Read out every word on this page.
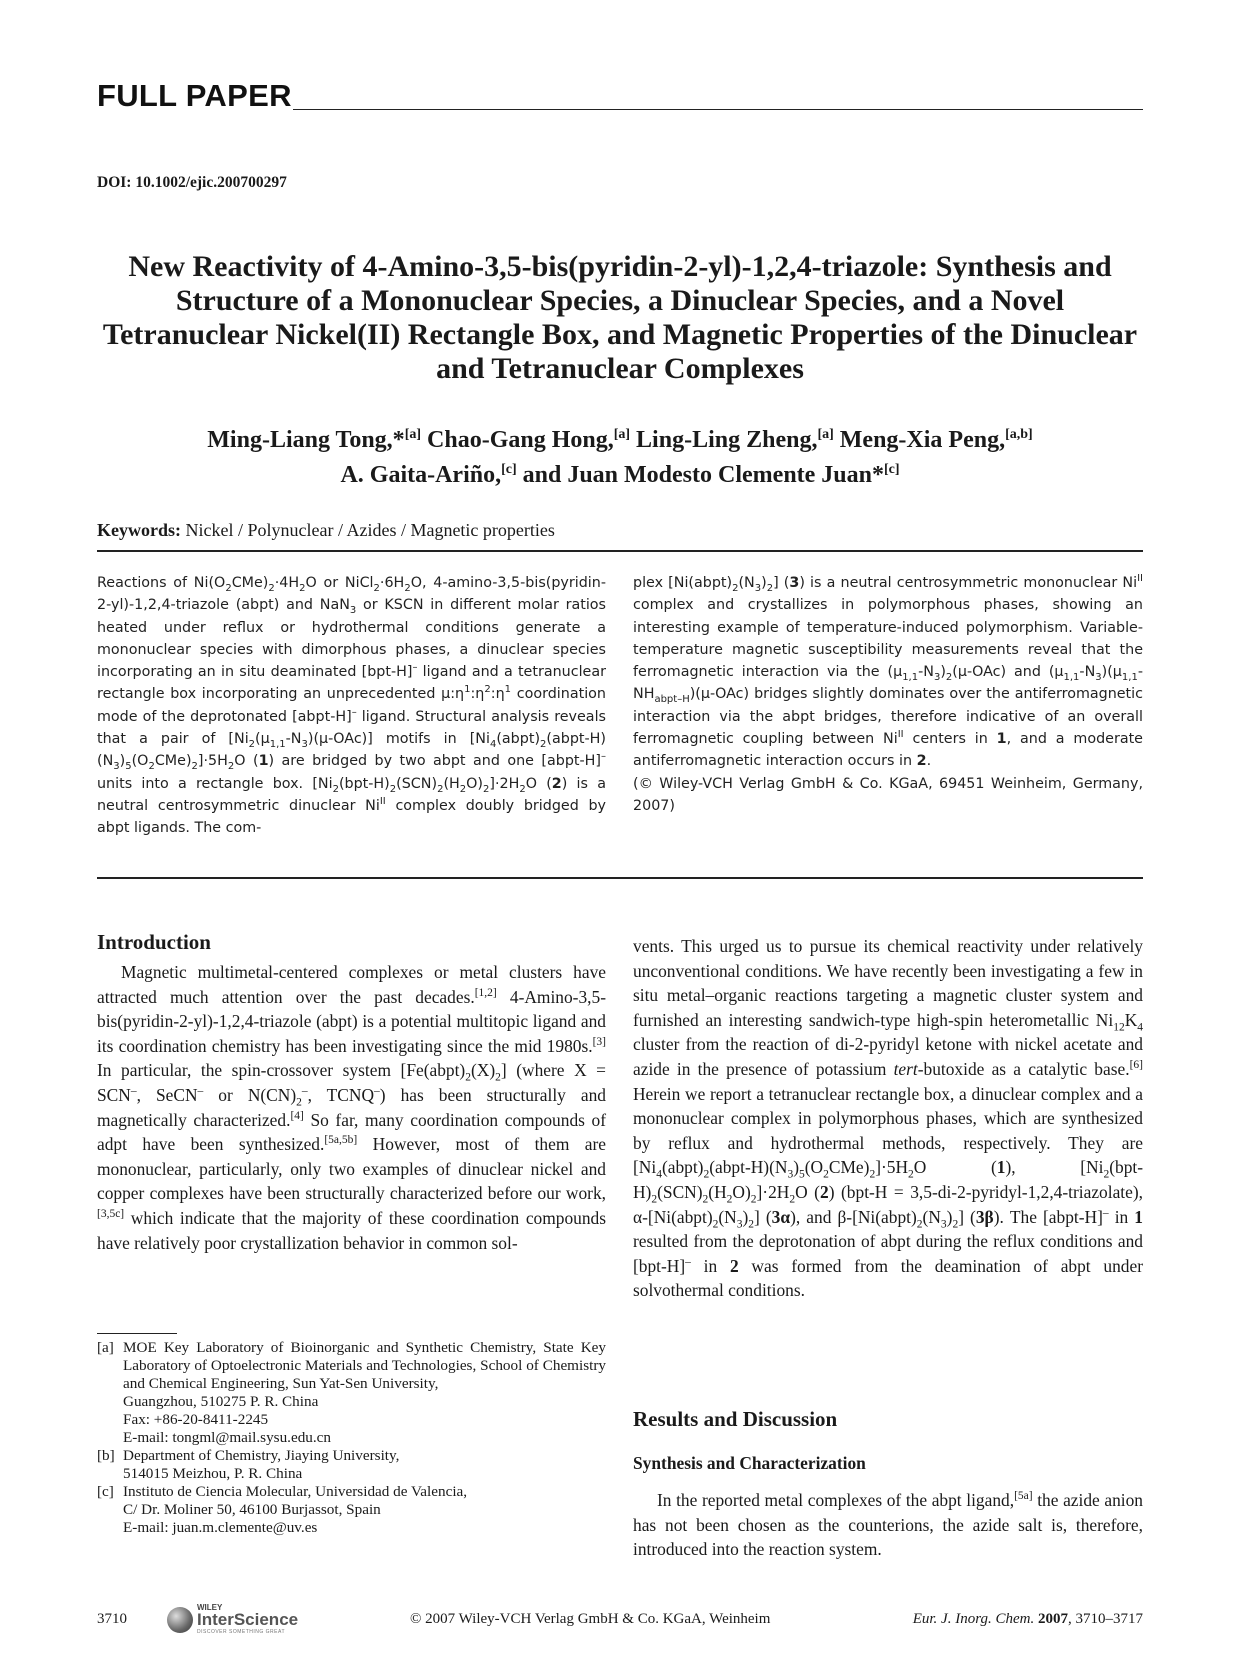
FULL PAPER
DOI: 10.1002/ejic.200700297
New Reactivity of 4-Amino-3,5-bis(pyridin-2-yl)-1,2,4-triazole: Synthesis and Structure of a Mononuclear Species, a Dinuclear Species, and a Novel Tetranuclear Nickel(II) Rectangle Box, and Magnetic Properties of the Dinuclear and Tetranuclear Complexes
Ming-Liang Tong,*[a] Chao-Gang Hong,[a] Ling-Ling Zheng,[a] Meng-Xia Peng,[a,b]
A. Gaita-Ariño,[c] and Juan Modesto Clemente Juan*[c]
Keywords: Nickel / Polynuclear / Azides / Magnetic properties
Reactions of $Ni(O_2CMe)_2\cdot 4H_2O$ or $NiCl_2\cdot 6H_2O$, 4-amino-3,5-bis(pyridin-2-yl)-1,2,4-triazole (abpt) and NaN$_3$ or KSCN in different molar ratios heated under reflux or hydrothermal conditions generate a mononuclear species with dimorphous phases, a dinuclear species incorporating an in situ deaminated [bpt-H]– ligand and a tetranuclear rectangle box incorporating an unprecedented $\mu:\eta^1:\eta^2:\eta^1$ coordination mode of the deprotonated [abpt-H]– ligand. Structural analysis reveals that a pair of $[Ni_2(\mu_{1,1}-N_3)(\mu-OAc)]$ motifs in $[Ni_4(abpt)_2(abpt-H)(N_3)_5(O_2CMe)_2]\cdot 5H_2O$ (1) are bridged by two abpt and one [abpt-H]– units into a rectangle box. $[Ni_2(bpt-H)_2(SCN)_2(H_2O)_2]\cdot 2H_2O$ (2) is a neutral centrosymmetric dinuclear $Ni^{II}$ complex doubly bridged by abpt ligands. The com-
plex $[Ni(abpt)_2(N_3)_2]$ (3) is a neutral centrosymmetric mononuclear $Ni^{II}$ complex and crystallizes in polymorphous phases, showing an interesting example of temperature-induced polymorphism. Variable-temperature magnetic susceptibility measurements reveal that the ferromagnetic interaction via the $(\mu_{1,1}-N_3)_2(\mu-OAc)$ and $(\mu_{1,1}-N_3)(\mu_{1,1}-NH_{abpt-H})(\mu-OAc)$ bridges slightly dominates over the antiferromagnetic interaction via the abpt bridges, therefore indicative of an overall ferromagnetic coupling between $Ni^{II}$ centers in 1, and a moderate antiferromagnetic interaction occurs in 2.
(© Wiley-VCH Verlag GmbH & Co. KGaA, 69451 Weinheim, Germany, 2007)
Introduction
Magnetic multimetal-centered complexes or metal clusters have attracted much attention over the past decades.[1,2] 4-Amino-3,5-bis(pyridin-2-yl)-1,2,4-triazole (abpt) is a potential multitopic ligand and its coordination chemistry has been investigating since the mid 1980s.[3] In particular, the spin-crossover system $[Fe(abpt)_2(X)_2]$ (where X = SCN–, SeCN– or $N(CN)_2^-$, TCNQ–) has been structurally and magnetically characterized.[4] So far, many coordination compounds of adpt have been synthesized.[5a,5b] However, most of them are mononuclear, particularly, only two examples of dinuclear nickel and copper complexes have been structurally characterized before our work,[3,5c] which indicate that the majority of these coordination compounds have relatively poor crystallization behavior in common sol-
vents. This urged us to pursue its chemical reactivity under relatively unconventional conditions. We have recently been investigating a few in situ metal–organic reactions targeting a magnetic cluster system and furnished an interesting sandwich-type high-spin heterometallic $Ni_{12}K_4$ cluster from the reaction of di-2-pyridyl ketone with nickel acetate and azide in the presence of potassium tert-butoxide as a catalytic base.[6] Herein we report a tetranuclear rectangle box, a dinuclear complex and a mononuclear complex in polymorphous phases, which are synthesized by reflux and hydrothermal methods, respectively. They are $[Ni_4(abpt)_2(abpt-H)(N_3)_5(O_2CMe)_2]\cdot 5H_2O$ (1), $[Ni_2(bpt-H)_2(SCN)_2(H_2O)_2]\cdot 2H_2O$ (2) (bpt-H = 3,5-di-2-pyridyl-1,2,4-triazolate), $\alpha-[Ni(abpt)_2(N_3)_2]$ (3α), and $\beta-[Ni(abpt)_2(N_3)_2]$ (3β). The [abpt-H]– in 1 resulted from the deprotonation of abpt during the reflux conditions and [bpt-H]– in 2 was formed from the deamination of abpt under solvothermal conditions.
Results and Discussion
Synthesis and Characterization
In the reported metal complexes of the abpt ligand,[5a] the azide anion has not been chosen as the counterions, the azide salt is, therefore, introduced into the reaction system.
[a] MOE Key Laboratory of Bioinorganic and Synthetic Chemistry, State Key Laboratory of Optoelectronic Materials and Technologies, School of Chemistry and Chemical Engineering, Sun Yat-Sen University,
Guangzhou, 510275 P. R. China
Fax: +86-20-8411-2245
E-mail: tongml@mail.sysu.edu.cn
[b] Department of Chemistry, Jiaying University,
514015 Meizhou, P. R. China
[c] Instituto de Ciencia Molecular, Universidad de Valencia,
C/ Dr. Moliner 50, 46100 Burjassot, Spain
E-mail: juan.m.clemente@uv.es
3710
WILEY
InterScience
DISCOVER SOMETHING GREAT
© 2007 Wiley-VCH Verlag GmbH & Co. KGaA, Weinheim	Eur. J. Inorg. Chem. 2007, 3710–3717
